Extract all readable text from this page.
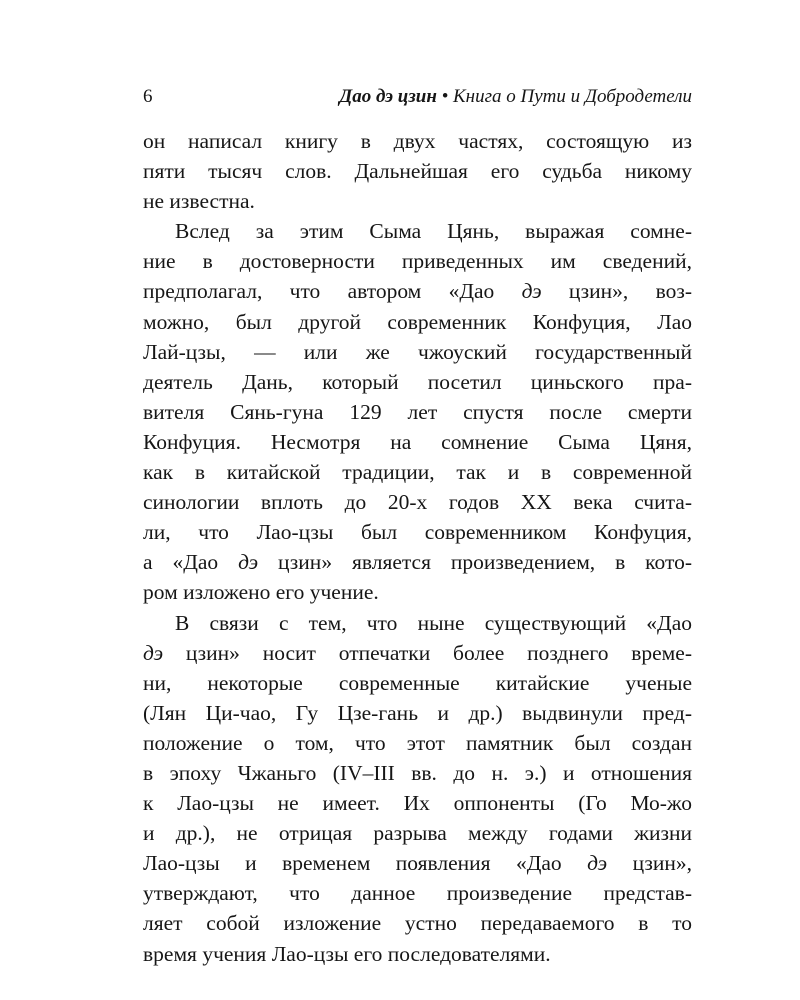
6	Дао дэ цзин • Книга о Пути и Добродетели
он написал книгу в двух частях, состоящую из
пяти тысяч слов. Дальнейшая его судьба никому
не известна.
Вслед за этим Сыма Цянь, выражая сомне-
ние в достоверности приведенных им сведений,
предполагал, что автором «Дао дэ цзин», воз-
можно, был другой современник Конфуция, Лао
Лай-цзы, — или же чжоуский государственный
деятель Дань, который посетил циньского пра-
вителя Сянь-гуна 129 лет спустя после смерти
Конфуция. Несмотря на сомнение Сыма Цяня,
как в китайской традиции, так и в современной
синологии вплоть до 20-х годов XX века счита-
ли, что Лао-цзы был современником Конфуция,
а «Дао дэ цзин» является произведением, в кото-
ром изложено его учение.
В связи с тем, что ныне существующий «Дао
дэ цзин» носит отпечатки более позднего време-
ни, некоторые современные китайские ученые
(Лян Ци-чао, Гу Цзе-гань и др.) выдвинули пред-
положение о том, что этот памятник был создан
в эпоху Чжаньго (IV–III вв. до н. э.) и отношения
к Лао-цзы не имеет. Их оппоненты (Го Мо-жо
и др.), не отрицая разрыва между годами жизни
Лао-цзы и временем появления «Дао дэ цзин»,
утверждают, что данное произведение представ-
ляет собой изложение устно передаваемого в то
время учения Лао-цзы его последователями.
